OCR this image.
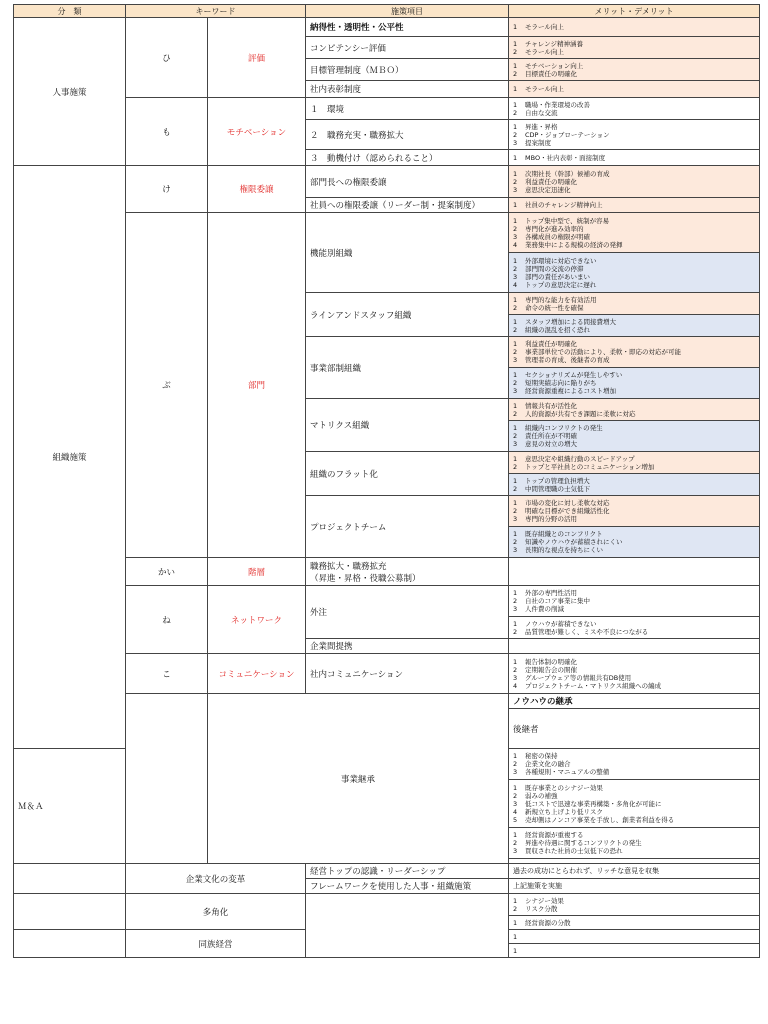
分　類	キーワード		施策項目	メリット・デメリット	
人事施策	ひ	評価	納得性・透明性・公平性	1 モラール向上	

			コンピテンシー評価	1 チャレンジ精神涵養
2 モラール向上	

			目標管理制度（ＭＢＯ）	1 モチベーション向上
2 目標責任の明確化	

			社内表彰制度	1 モラール向上	

	も	モチベーション	１　環境	1 職場・作業環境の改善
2 自由な交流	

			２　職務充実・職務拡大	1 昇進・昇格
2 CDP・ジョブローテーション
3 提案制度	

			３　動機付け（認められること）	1 MBO・社内表彰・面接制度	

組織施策	け	権限委譲	部門長への権限委譲	1 次期社長（幹部）候補の育成
2 利益責任の明確化
3 意思決定迅速化	

			社員への権限委譲（リーダー制・提案制度）	1 社員のチャレンジ精神向上	

	ぶ	部門	機能別組織	1 トップ集中型で、統制が容易
2 専門化が進み効率的
3 各構成員の権限が明確
4 業務集中による規模の経済の発揮	

				1 外部環境に対応できない
2 部門間の交流の停滞
3 部門の責任があいまい
4 トップの意思決定に遅れ	

			ラインアンドスタッフ組織	1 専門的な能力を有効活用
2 命令の統一性を確保	

				1 スタッフ増加による間接費増大
2 組織の混乱を招く恐れ	

			事業部制組織	1 利益責任が明確化
2 事業部単位での活動により、柔軟・即応の対応が可能
3 管理者の育成、後継者の育成	

				1 セクショナリズムが発生しやすい
2 短期実績志向に陥りがち
3 経営資源重複によるコスト増加	

			マトリクス組織	1 情報共有が活性化
2 人的資源が共有でき課題に柔軟に対応	

				1 組織内コンフリクトの発生
2 責任所在が不明確
3 意見の対立の増大	

			組織のフラット化	1 意思決定や組織行動のスピードアップ
2 トップと平社員とのコミュニケーション増加	

				1 トップの管理負担増大
2 中間管理職の士気低下	

			プロジェクトチーム	1 市場の変化に対し柔軟な対応
2 明確な目標ができ組織活性化
3 専門的分野の活用	

				1 既存組織とのコンフリクト
2 知識やノウハウが蓄積されにくい
3 長期的な視点を持ちにくい	

	かい	階層	職務拡大・職務拡充
（昇進・昇格・役職公募制）		

	ね	ネットワーク	外注	1 外部の専門性活用
2 自社のコア事業に集中
3 人件費の削減	

				1 ノウハウが蓄積できない
2 品質管理が難しく、ミスや不良につながる	

			企業間提携		
	こ	コミュニケーション	社内コミュニケーション	1 報告体制の明確化
2 定期報告会の開催
3 グループウェア等の情報共有DB使用
4 プロジェクトチーム・マトリクス組織への編成	

		事業継承		ノウハウの継承	

				後継者	

Ｍ＆Ａ				1 秘密の保持
2 企業文化の融合
3 各種規則・マニュアルの整備	

				1 既存事業とのシナジー効果
2 弱みの補強
3 低コストで迅速な事業再構築・多角化が可能に
4 新規立ち上げより低リスク
5 売却側はノンコア事業を手放し、創業者利益を得る	

				1 経営資源が重複する
2 昇進や待遇に関するコンフリクトの発生
3 買収された社員の士気低下の恐れ	

	企業文化の変革		経営トップの認識・リーダーシップ	過去の成功にとらわれず、リッチな意見を収集	
			フレームワークを使用した人事・組織施策	上記施策を実施	
	多角化			1 シナジー効果
2 リスク分散	

				1 経営資源の分散	

	同族経営			1	

				1	
